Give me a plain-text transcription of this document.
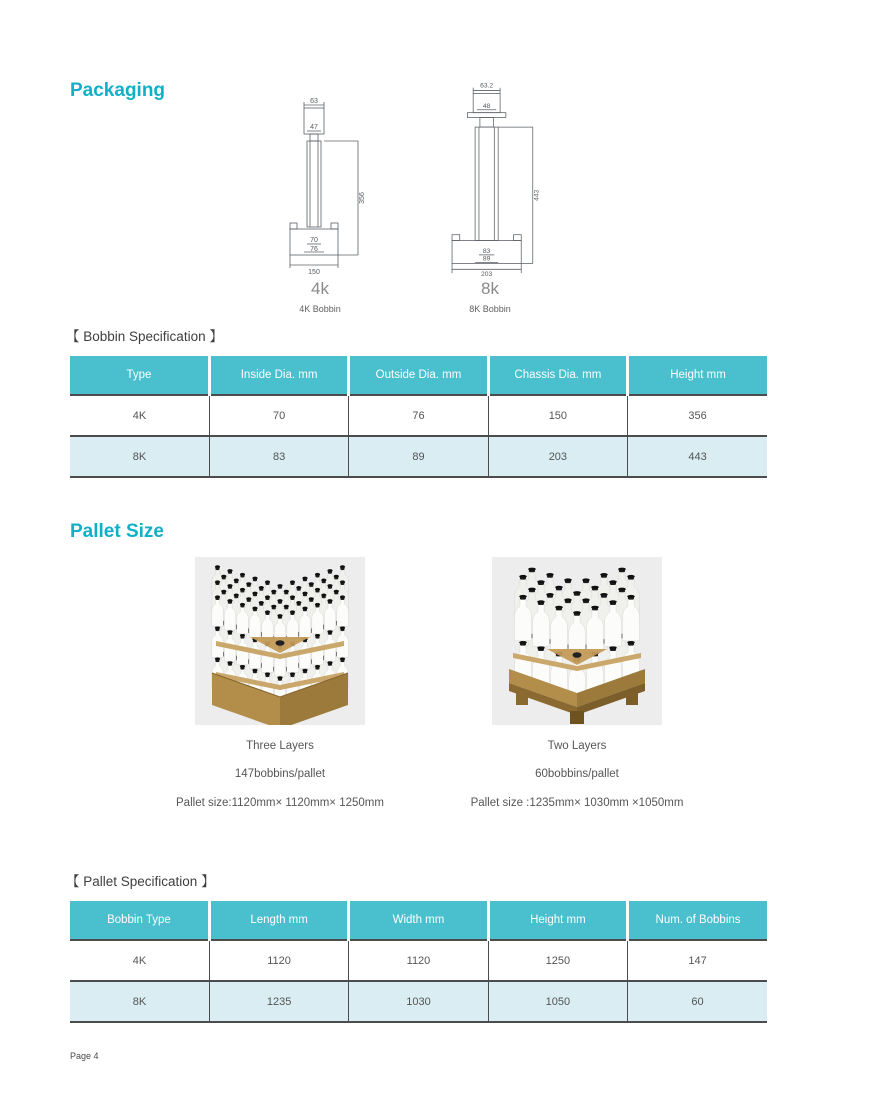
Packaging
63
47
70
76
150
356
63.2
48
83
89
203
443
4k
4K Bobbin
8k
8K Bobbin
【 Bobbin Specification 】
Type	Inside Dia. mm	Outside Dia. mm	Chassis Dia. mm	Height mm
4K	70	76	150	356
8K	83	89	203	443
Pallet Size
Three Layers
147bobbins/pallet
Pallet size:1120mm× 1120mm× 1250mm
Two Layers
60bobbins/pallet
Pallet size :1235mm× 1030mm ×1050mm
【 Pallet Specification 】
Bobbin Type	Length mm	Width mm	Height mm	Num. of Bobbins
4K	1120	1120	1250	147
8K	1235	1030	1050	60
Page 4
